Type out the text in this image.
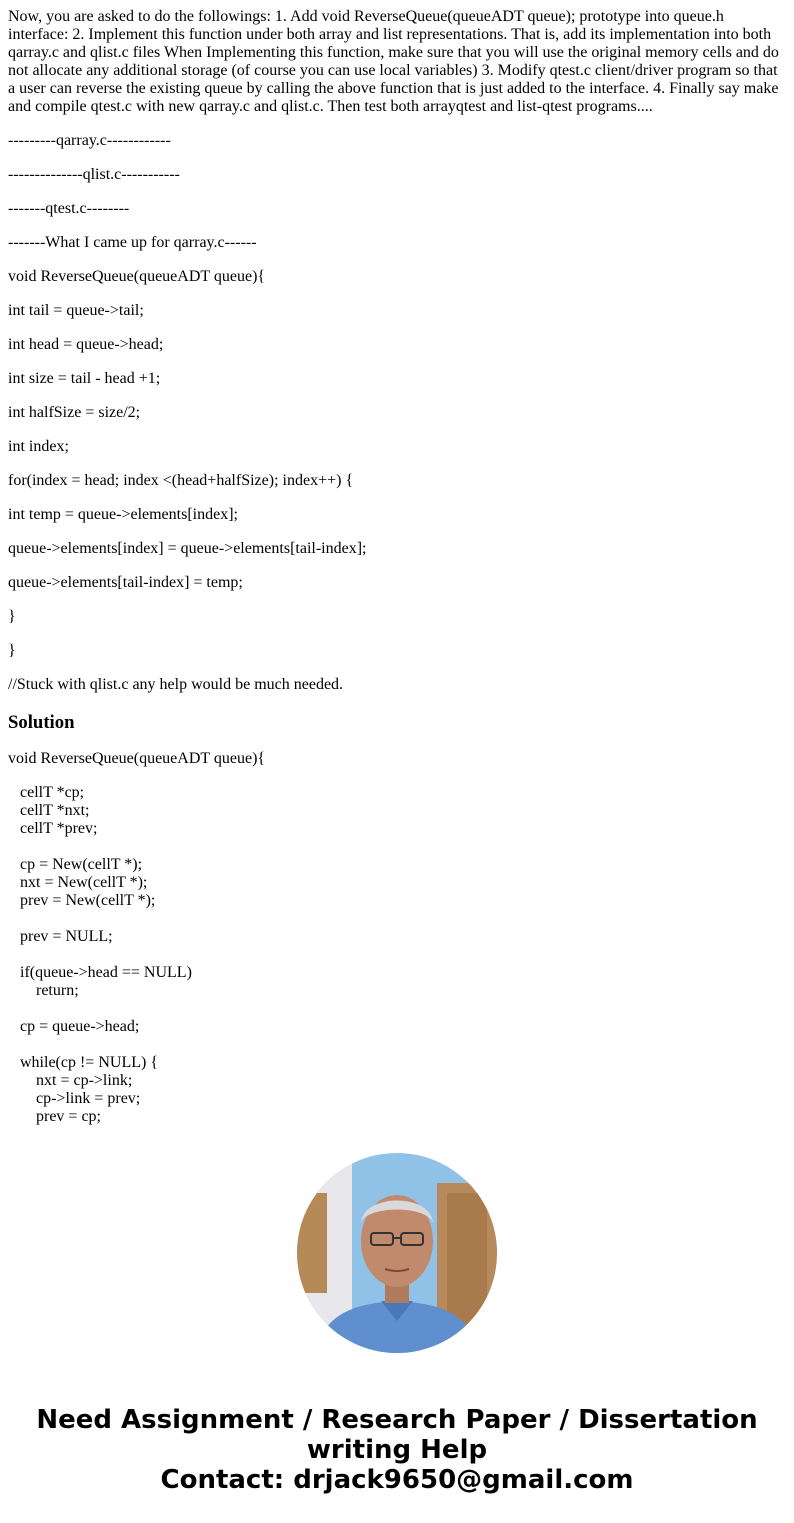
Now, you are asked to do the followings: 1. Add void ReverseQueue(queueADT queue); prototype into queue.h interface: 2. Implement this function under both array and list representations. That is, add its implementation into both qarray.c and qlist.c files When Implementing this function, make sure that you will use the original memory cells and do not allocate any additional storage (of course you can use local variables) 3. Modify qtest.c client/driver program so that a user can reverse the existing queue by calling the above function that is just added to the interface. 4. Finally say make and compile qtest.c with new qarray.c and qlist.c. Then test both arrayqtest and list-qtest programs....

---------qarray.c------------

--------------qlist.c-----------

-------qtest.c--------

-------What I came up for qarray.c------

void ReverseQueue(queueADT queue){

int tail = queue->tail;

int head = queue->head;

int size = tail - head +1;

int halfSize = size/2;

int index;

for(index = head; index <(head+halfSize); index++) {

int temp = queue->elements[index];

queue->elements[index] = queue->elements[tail-index];

queue->elements[tail-index] = temp;

}

}

//Stuck with qlist.c any help would be much needed.

Solution

void ReverseQueue(queueADT queue){

cellT *cp;
cellT *nxt;
cellT *prev;
cp = New(cellT *);
nxt = New(cellT *);
prev = New(cellT *);
prev = NULL;
if(queue->head == NULL)
return;
cp = queue->head;
while(cp != NULL) {
nxt = cp->link;
cp->link = prev;
prev = cp;
Need Assignment / Research Paper / Dissertation
writing Help
Contact: drjack9650@gmail.com
